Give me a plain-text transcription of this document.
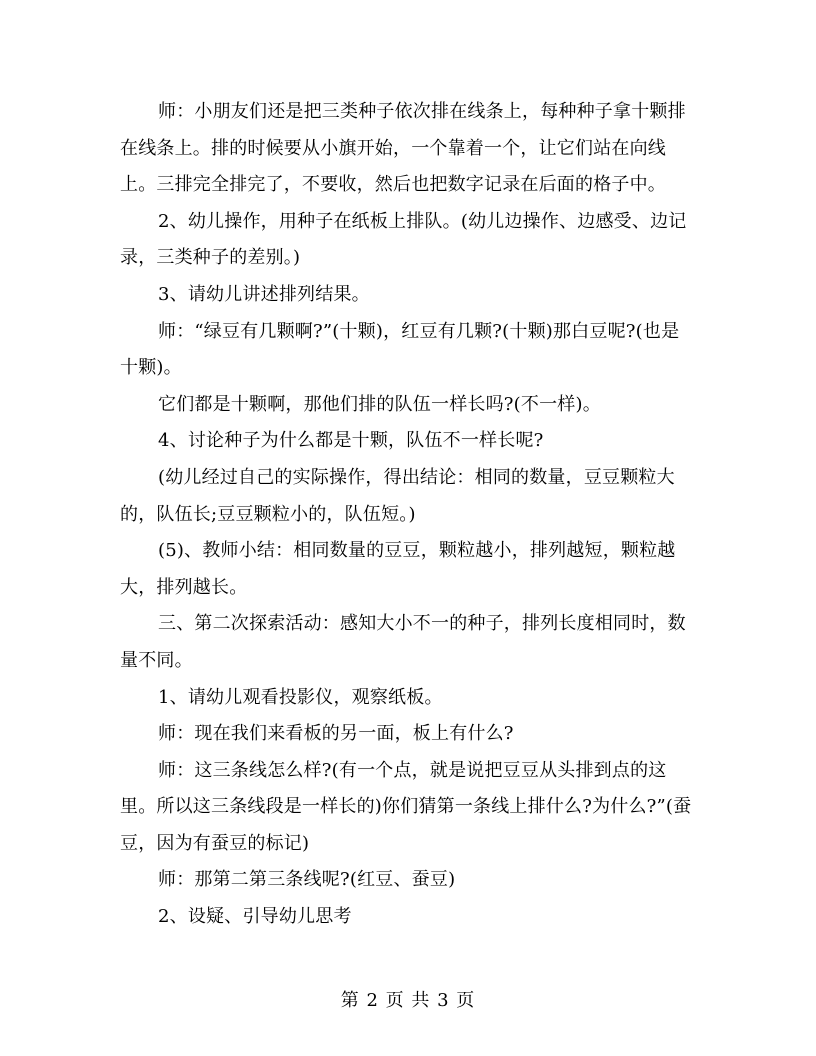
师：小朋友们还是把三类种子依次排在线条上，每种种子拿十颗排在线条上。排的时候要从小旗开始，一个靠着一个，让它们站在向线上。三排完全排完了，不要收，然后也把数字记录在后面的格子中。

2、幼儿操作，用种子在纸板上排队。(幼儿边操作、边感受、边记录，三类种子的差别。)

3、请幼儿讲述排列结果。

师：“绿豆有几颗啊?”(十颗)，红豆有几颗?(十颗)那白豆呢?(也是十颗)。

它们都是十颗啊，那他们排的队伍一样长吗?(不一样)。

4、讨论种子为什么都是十颗，队伍不一样长呢?

(幼儿经过自己的实际操作，得出结论：相同的数量，豆豆颗粒大的，队伍长;豆豆颗粒小的，队伍短。)

(5)、教师小结：相同数量的豆豆，颗粒越小，排列越短，颗粒越大，排列越长。

三、第二次探索活动：感知大小不一的种子，排列长度相同时，数量不同。

1、请幼儿观看投影仪，观察纸板。

师：现在我们来看板的另一面，板上有什么?

师：这三条线怎么样?(有一个点，就是说把豆豆从头排到点的这里。所以这三条线段是一样长的)你们猜第一条线上排什么?为什么?”(蚕豆，因为有蚕豆的标记)

师：那第二第三条线呢?(红豆、蚕豆)

2、设疑、引导幼儿思考

第 2 页 共 3 页
